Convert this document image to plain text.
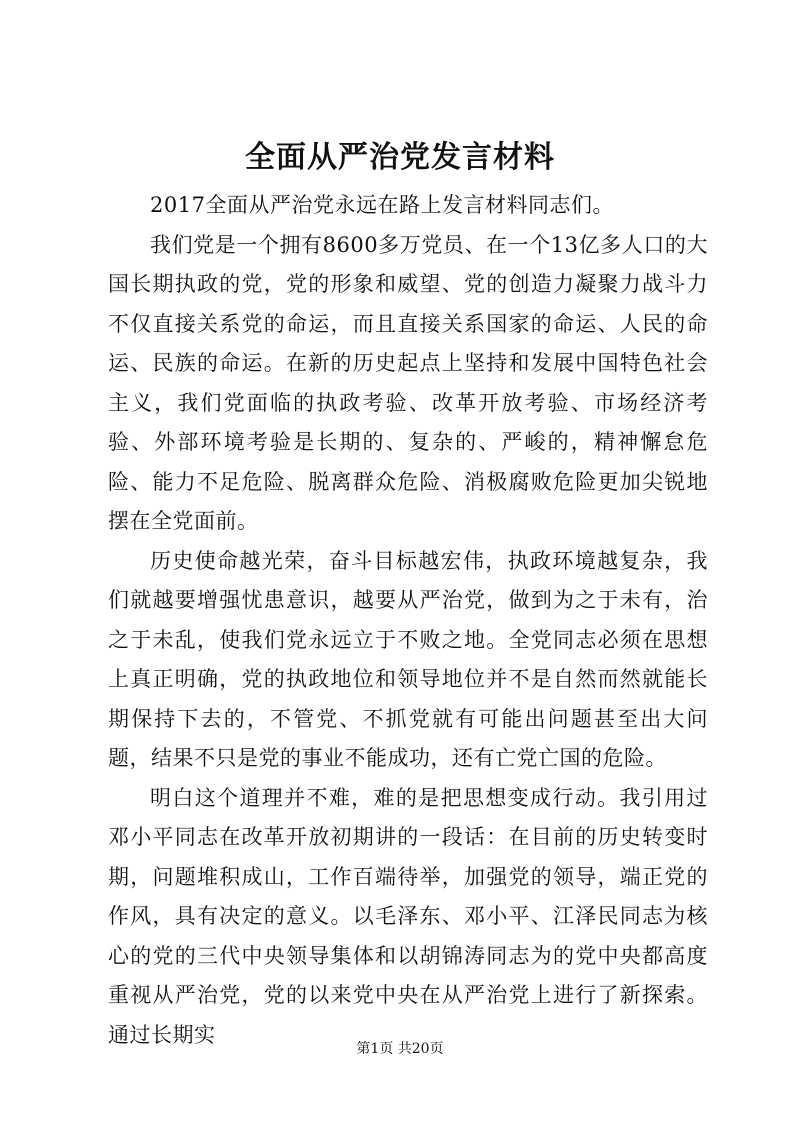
全面从严治党发言材料

2017全面从严治党永远在路上发言材料同志们。

我们党是一个拥有8600多万党员、在一个13亿多人口的大国长期执政的党，党的形象和威望、党的创造力凝聚力战斗力不仅直接关系党的命运，而且直接关系国家的命运、人民的命运、民族的命运。在新的历史起点上坚持和发展中国特色社会主义，我们党面临的执政考验、改革开放考验、市场经济考验、外部环境考验是长期的、复杂的、严峻的，精神懈怠危险、能力不足危险、脱离群众危险、消极腐败危险更加尖锐地摆在全党面前。

历史使命越光荣，奋斗目标越宏伟，执政环境越复杂，我们就越要增强忧患意识，越要从严治党，做到为之于未有，治之于未乱，使我们党永远立于不败之地。全党同志必须在思想上真正明确，党的执政地位和领导地位并不是自然而然就能长期保持下去的，不管党、不抓党就有可能出问题甚至出大问题，结果不只是党的事业不能成功，还有亡党亡国的危险。

明白这个道理并不难，难的是把思想变成行动。我引用过邓小平同志在改革开放初期讲的一段话：在目前的历史转变时期，问题堆积成山，工作百端待举，加强党的领导，端正党的作风，具有决定的意义。以毛泽东、邓小平、江泽民同志为核心的党的三代中央领导集体和以胡锦涛同志为的党中央都高度重视从严治党，党的以来党中央在从严治党上进行了新探索。通过长期实

第1页 共20页
